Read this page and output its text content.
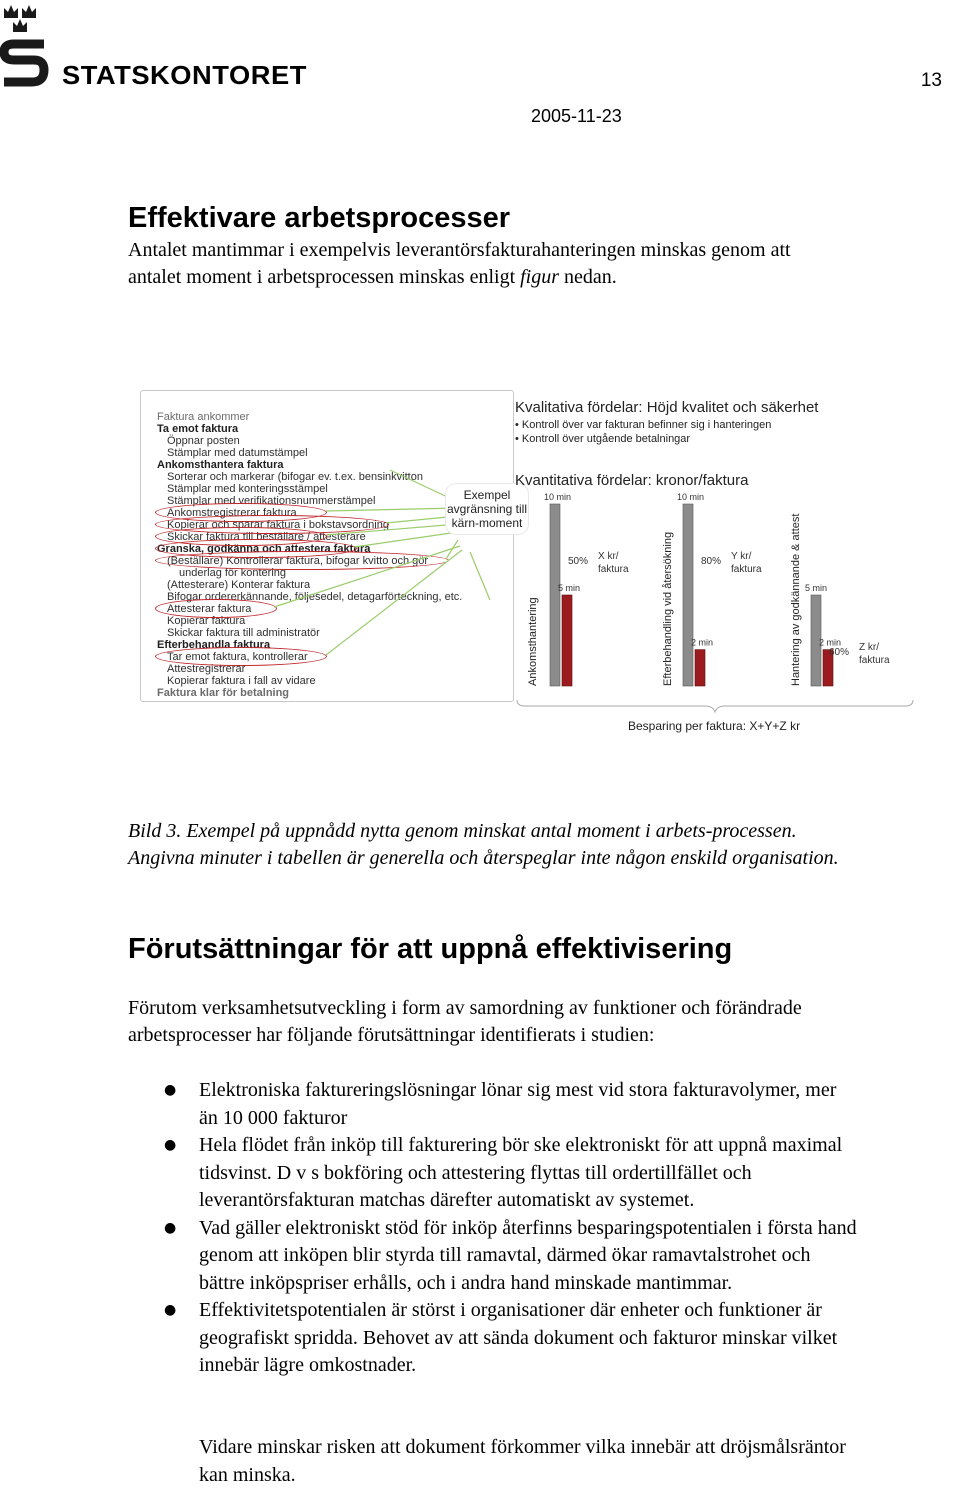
STATSKONTORET	13
2005-11-23
Effektivare arbetsprocesser
Antalet mantimmar i exempelvis leverantörsfakturahanteringen minskas genom att antalet moment i arbetsprocessen minskas enligt figur nedan.
Faktura ankommer
Ta emot faktura
Öppnar posten
Stämplar med datumstämpel
Ankomsthantera faktura
Sorterar och markerar (bifogar ev. t.ex. bensinkvitton
Stämplar med konteringsstämpel
Stämplar med verifikationsnummerstämpel
Ankomstregistrerar faktura
Kopierar och sparar faktura i bokstavsordning
Skickar faktura till beställare / attesterare
Granska, godkänna och attestera faktura
(Beställare) Kontrollerar faktura, bifogar kvitto och gör
underlag för kontering
(Attesterare) Konterar faktura
Bifogar ordererkännande, följesedel, detagarförteckning, etc.
Attesterar faktura
Kopierar faktura
Skickar faktura till administratör
Efterbehandla faktura
Tar emot faktura, kontrollerar
Attestregistrerar
Kopierar faktura i fall av vidare
Faktura klar för betalning
Exempel avgränsning till kärn-moment
Kvalitativa fördelar: Höjd kvalitet och säkerhet
• Kontroll över var fakturan befinner sig i hanteringen
• Kontroll över utgående betalningar
Kvantitativa fördelar: kronor/faktura
10 min
5 min
50% X kr/
faktura
10 min
2 min
80% Y kr/
faktura
5 min
2 min
60% Z kr/
faktura
Ankomsthantering	Efterbehandling vid återsökning	Hantering av godkännande & attest
Besparing per faktura: X+Y+Z kr
Bild 3. Exempel på uppnådd nytta genom minskat antal moment i arbets-processen. Angivna minuter i tabellen är generella och återspeglar inte någon enskild organisation.
Förutsättningar för att uppnå effektivisering
Förutom verksamhetsutveckling i form av samordning av funktioner och förändrade arbetsprocesser har följande förutsättningar identifierats i studien:
● Elektroniska faktureringslösningar lönar sig mest vid stora fakturavolymer, mer än 10 000 fakturor
● Hela flödet från inköp till fakturering bör ske elektroniskt för att uppnå maximal tidsvinst. D v s bokföring och attestering flyttas till ordertillfället och leverantörsfakturan matchas därefter automatiskt av systemet.
● Vad gäller elektroniskt stöd för inköp återfinns besparingspotentialen i första hand genom att inköpen blir styrda till ramavtal, därmed ökar ramavtalstrohet och bättre inköpspriser erhålls, och i andra hand minskade mantimmar.
● Effektivitetspotentialen är störst i organisationer där enheter och funktioner är geografiskt spridda. Behovet av att sända dokument och fakturor minskar vilket innebär lägre omkostnader.
Vidare minskar risken att dokument förkommer vilka innebär att dröjsmålsräntor kan minska.
